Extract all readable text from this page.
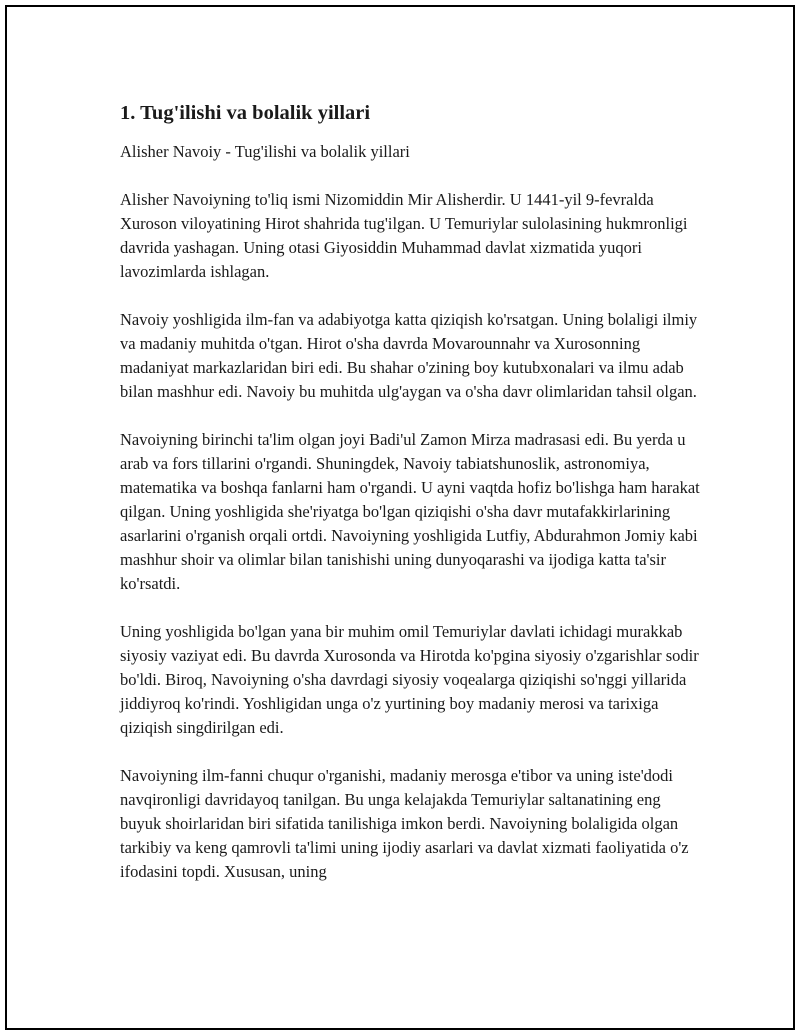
1. Tug'ilishi va bolalik yillari
Alisher Navoiy - Tug'ilishi va bolalik yillari

Alisher Navoiyning to'liq ismi Nizomiddin Mir Alisherdir. U 1441-yil 9-fevralda Xuroson viloyatining Hirot shahrida tug'ilgan. U Temuriylar sulolasining hukmronligi davrida yashagan. Uning otasi Giyosiddin Muhammad davlat xizmatida yuqori lavozimlarda ishlagan.

Navoiy yoshligida ilm-fan va adabiyotga katta qiziqish ko'rsatgan. Uning bolaligi ilmiy va madaniy muhitda o'tgan. Hirot o'sha davrda Movarounnahr va Xurosonning madaniyat markazlaridan biri edi. Bu shahar o'zining boy kutubxonalari va ilmu adab bilan mashhur edi. Navoiy bu muhitda ulg'aygan va o'sha davr olimlaridan tahsil olgan.

Navoiyning birinchi ta'lim olgan joyi Badi'ul Zamon Mirza madrasasi edi. Bu yerda u arab va fors tillarini o'rgandi. Shuningdek, Navoiy tabiatshunoslik, astronomiya, matematika va boshqa fanlarni ham o'rgandi. U ayni vaqtda hofiz bo'lishga ham harakat qilgan. Uning yoshligida she'riyatga bo'lgan qiziqishi o'sha davr mutafakkirlarining asarlarini o'rganish orqali ortdi. Navoiyning yoshligida Lutfiy, Abdurahmon Jomiy kabi mashhur shoir va olimlar bilan tanishishi uning dunyoqarashi va ijodiga katta ta'sir ko'rsatdi.

Uning yoshligida bo'lgan yana bir muhim omil Temuriylar davlati ichidagi murakkab siyosiy vaziyat edi. Bu davrda Xurosonda va Hirotda ko'pgina siyosiy o'zgarishlar sodir bo'ldi. Biroq, Navoiyning o'sha davrdagi siyosiy voqealarga qiziqishi so'nggi yillarida jiddiyroq ko'rindi. Yoshligidan unga o'z yurtining boy madaniy merosi va tarixiga qiziqish singdirilgan edi.

Navoiyning ilm-fanni chuqur o'rganishi, madaniy merosga e'tibor va uning iste'dodi navqironligi davridayoq tanilgan. Bu unga kelajakda Temuriylar saltanatining eng buyuk shoirlaridan biri sifatida tanilishiga imkon berdi. Navoiyning bolaligida olgan tarkibiy va keng qamrovli ta'limi uning ijodiy asarlari va davlat xizmati faoliyatida o'z ifodasini topdi. Xususan, uning
